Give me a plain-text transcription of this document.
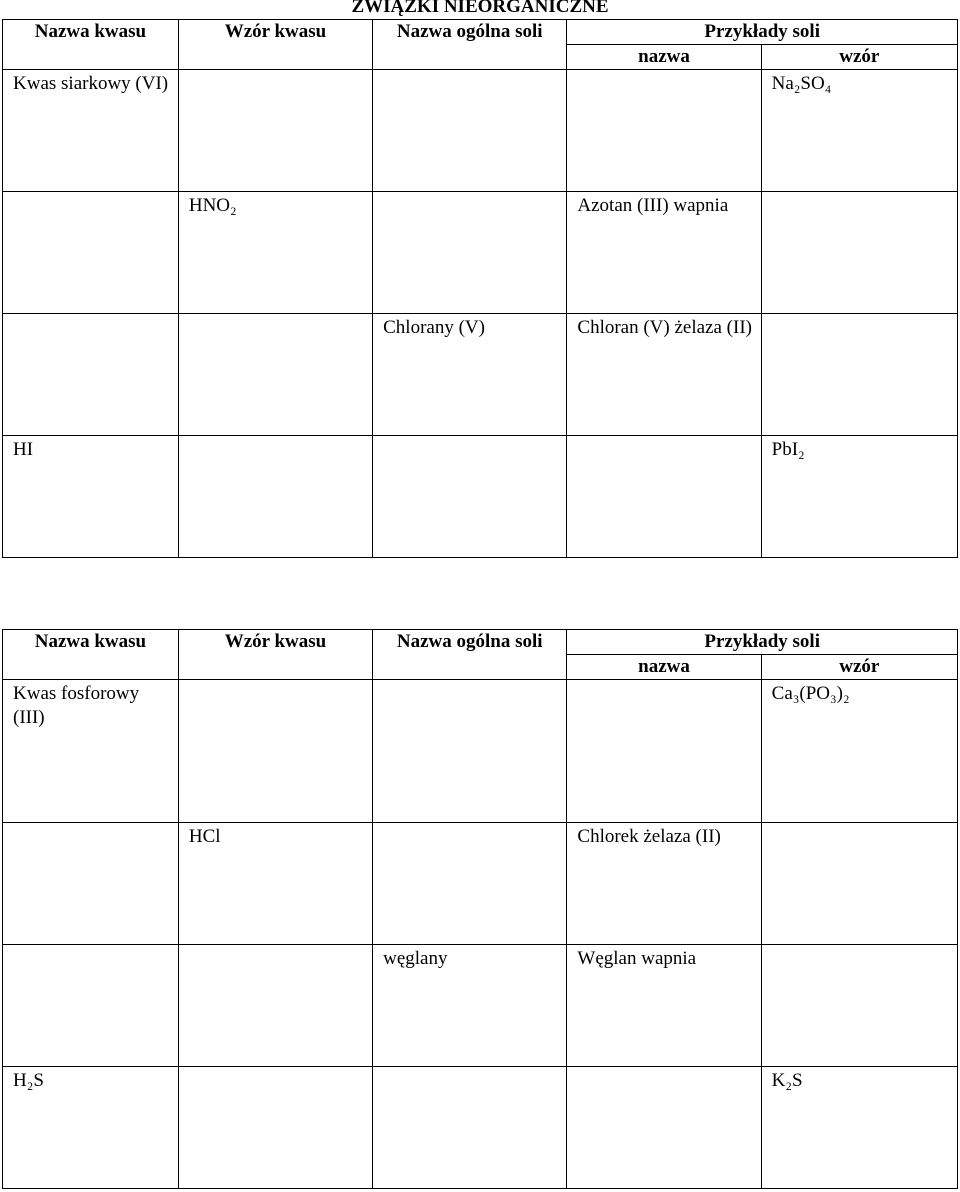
ZWIĄZKI NIEORGANICZNE
Nazwa kwasu	Wzór kwasu	Nazwa ogólna soli	Przykłady soli	
			nazwa	wzór
Kwas siarkowy (VI)				Na₂SO₄
	HNO₂		Azotan (III) wapnia	
		Chlorany (V)	Chloran (V) żelaza (II)	
HI				PbI₂
Nazwa kwasu	Wzór kwasu	Nazwa ogólna soli	Przykłady soli	
			nazwa	wzór
Kwas fosforowy (III)				Ca₃(PO₃)₂
	HCl		Chlorek żelaza (II)	
		węglany	Węglan wapnia	
H₂S				K₂S
